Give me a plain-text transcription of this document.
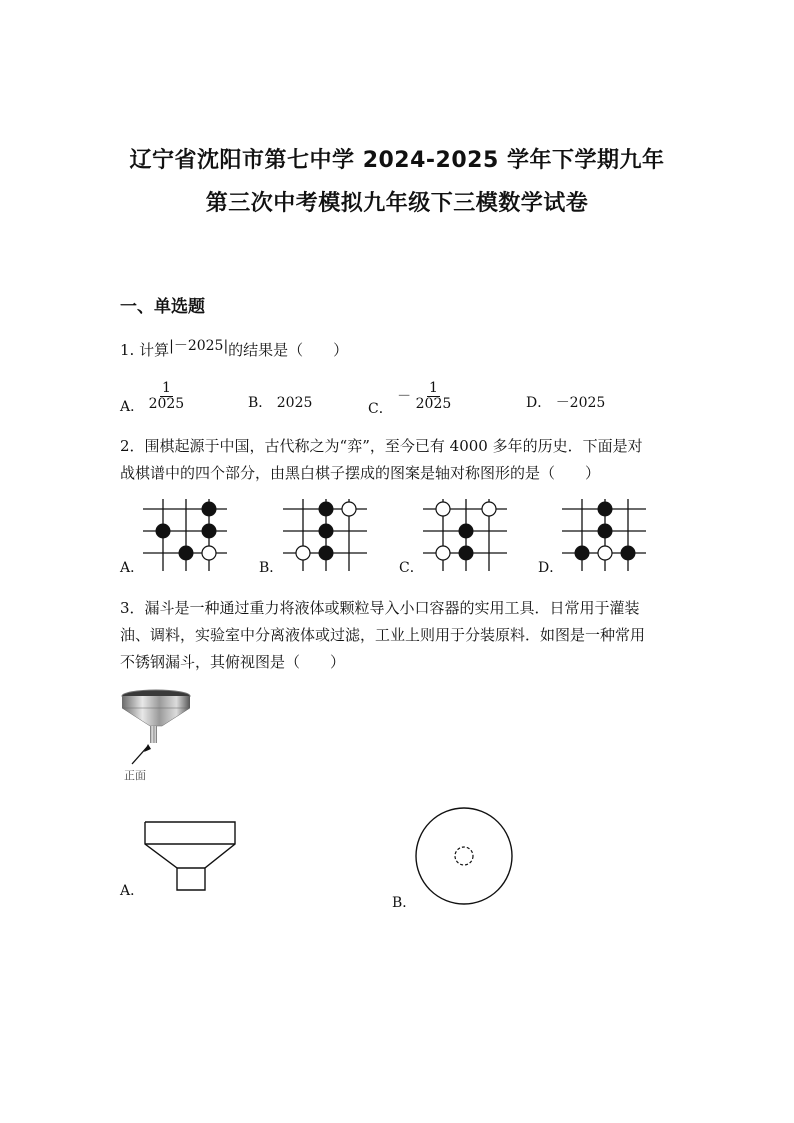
辽宁省沈阳市第七中学 2024-2025 学年下学期九年
第三次中考模拟九年级下三模数学试卷
一、单选题
1. 计算|－2025|的结果是（　　）
A． $\frac{1}{2025}$	B． 2025	C． － $\frac{1}{2025}$	D． －2025
2．围棋起源于中国，古代称之为“弈”，至今已有 4000 多年的历史．下面是对
战棋谱中的四个部分，由黑白棋子摆成的图案是轴对称图形的是（　　）
A．	B．	C．	D．
3．漏斗是一种通过重力将液体或颗粒导入小口容器的实用工具．日常用于灌装
油、调料，实验室中分离液体或过滤，工业上则用于分装原料．如图是一种常用
不锈钢漏斗，其俯视图是（　　）
正面
A．
B．
